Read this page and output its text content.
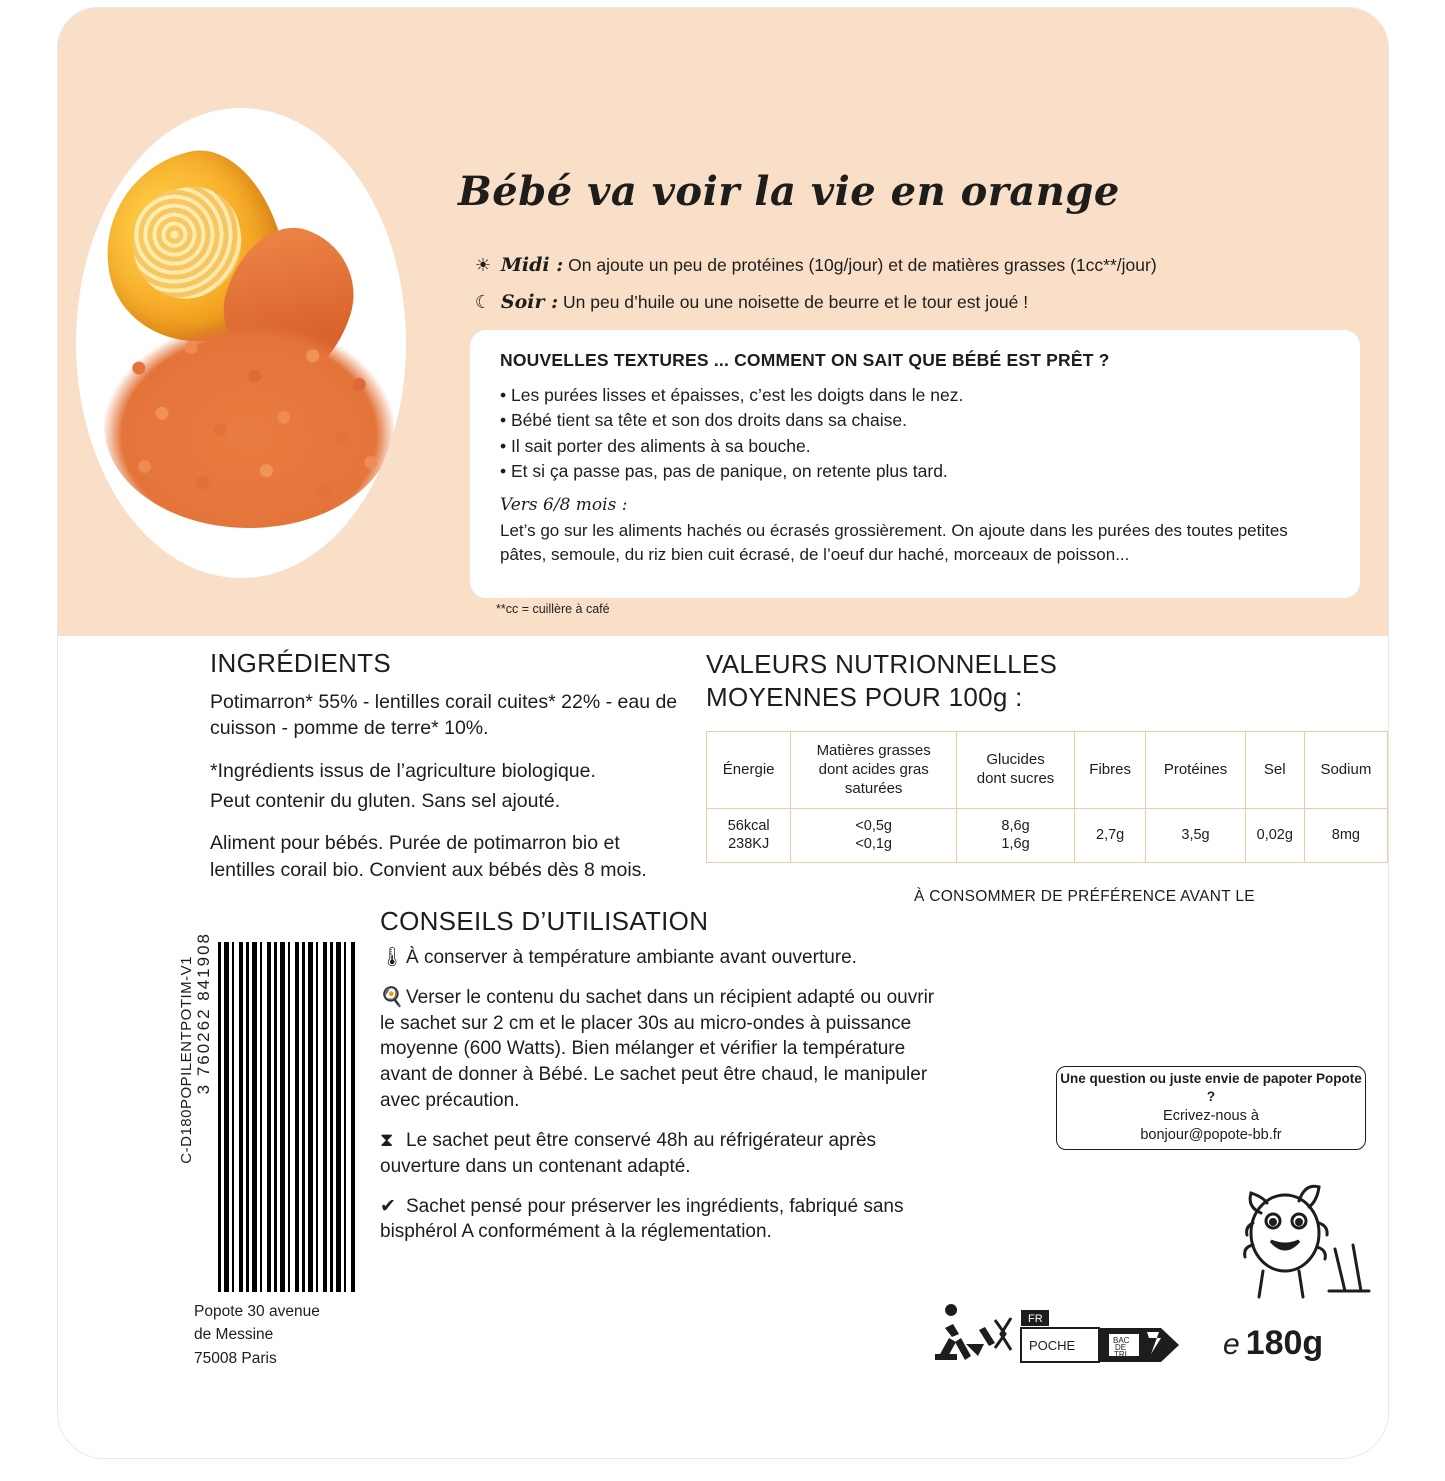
Bébé va voir la vie en orange
☀ Midi : On ajoute un peu de protéines (10g/jour) et de matières grasses (1cc**/jour)
☾ Soir : Un peu d’huile ou une noisette de beurre et le tour est joué !
NOUVELLES TEXTURES ... COMMENT ON SAIT QUE BÉBÉ EST PRÊT ?
• Les purées lisses et épaisses, c’est les doigts dans le nez.
• Bébé tient sa tête et son dos droits dans sa chaise.
• Il sait porter des aliments à sa bouche.
• Et si ça passe pas, pas de panique, on retente plus tard.
Vers 6/8 mois :
Let’s go sur les aliments hachés ou écrasés grossièrement. On ajoute dans les purées des toutes petites pâtes, semoule, du riz bien cuit écrasé, de l’oeuf dur haché, morceaux de poisson...
**cc = cuillère à café
INGRÉDIENTS

Potimarron* 55% - lentilles corail cuites* 22% - eau de cuisson - pomme de terre* 10%.

*Ingrédients issus de l’agriculture biologique.

Peut contenir du gluten. Sans sel ajouté.

Aliment pour bébés. Purée de potimarron bio et lentilles corail bio. Convient aux bébés dès 8 mois.

VALEURS NUTRIONNELLES
MOYENNES POUR 100g :
Énergie	Matières grasses
dont acides gras
saturées	Glucides
dont sucres	Fibres	Protéines	Sel	Sodium
56kcal
238KJ	<0,5g
<0,1g	8,6g
1,6g	2,7g	3,5g	0,02g	8mg
À CONSOMMER DE PRÉFÉRENCE AVANT LE
CONSEILS D’UTILISATION

🌡À conserver à température ambiante avant ouverture.

🍳 Verser le contenu du sachet dans un récipient adapté ou ouvrir le sachet sur 2 cm et le placer 30s au micro-ondes à puissance moyenne (600 Watts). Bien mélanger et vérifier la température avant de donner à Bébé. Le sachet peut être chaud, le manipuler avec précaution.

⧗ Le sachet peut être conservé 48h au réfrigérateur après ouverture dans un contenant adapté.

✔ Sachet pensé pour préserver les ingrédients, fabriqué sans bisphérol A conformément à la réglementation.

3 760262 841908
C-D180POPILENTPOTIM-V1
Popote 30 avenue
de Messine
75008 Paris
Une question ou juste envie de papoter Popote ?
Ecrivez-nous à
bonjour@popote-bb.fr
FR
POCHE	BAC
DE
TRI	e 180g
